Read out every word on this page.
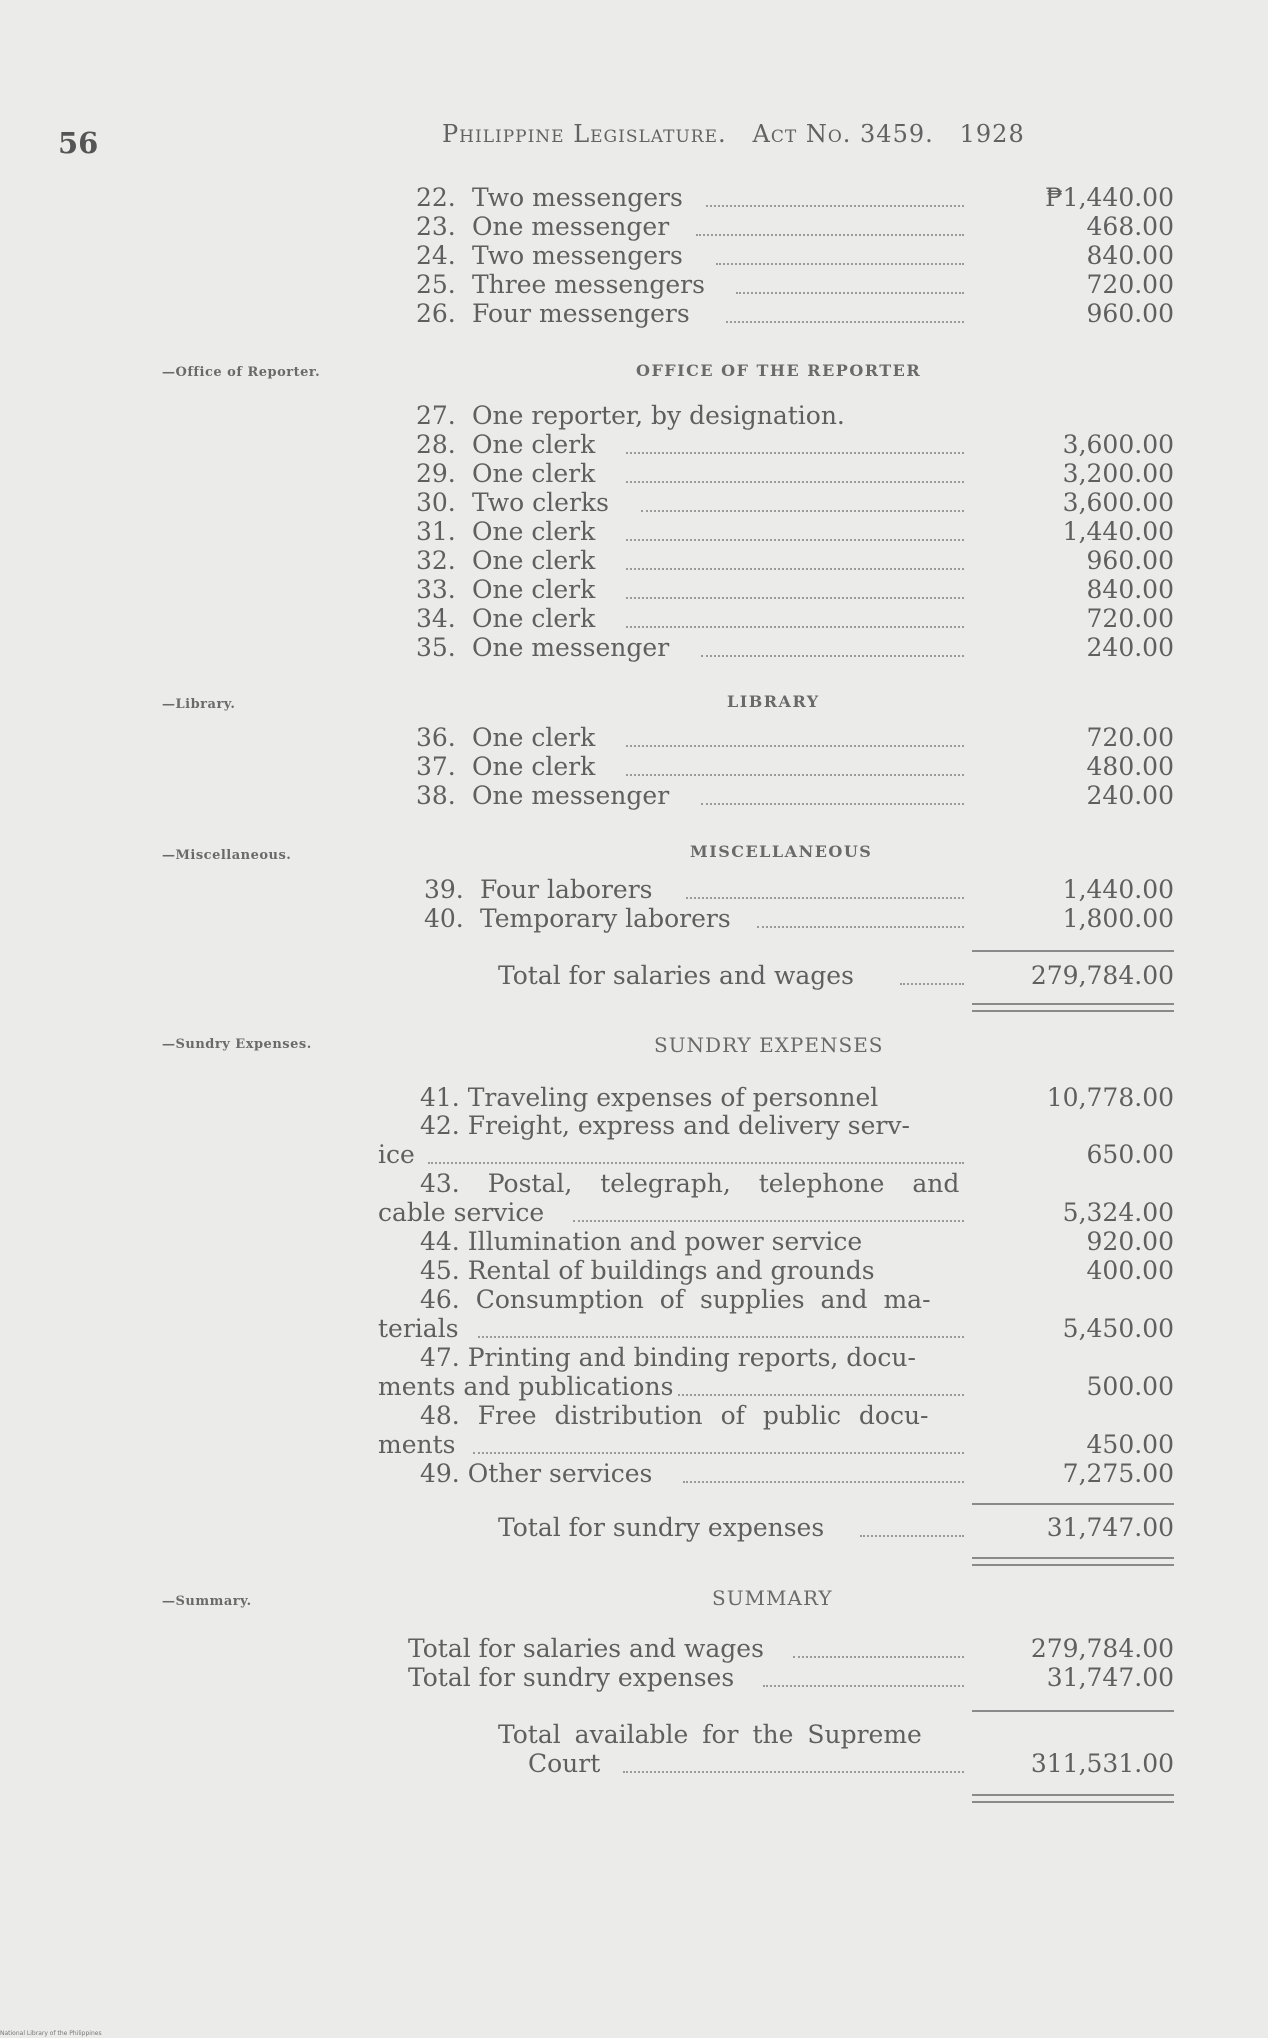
56	Philippine Legislature. Act No. 3459. 1928
22. Two messengers	₱1,440.00
23. One messenger	468.00
24. Two messengers	840.00
25. Three messengers	720.00
26. Four messengers	960.00
—Office of Reporter.	OFFICE OF THE REPORTER
27. One reporter, by designation.
28. One clerk	3,600.00
29. One clerk	3,200.00
30. Two clerks	3,600.00
31. One clerk	1,440.00
32. One clerk	960.00
33. One clerk	840.00
34. One clerk	720.00
35. One messenger	240.00
—Library.	LIBRARY
36. One clerk	720.00
37. One clerk	480.00
38. One messenger	240.00
—Miscellaneous.	MISCELLANEOUS
39. Four laborers	1,440.00
40. Temporary laborers	1,800.00
Total for salaries and wages	279,784.00
—Sundry Expenses.	SUNDRY EXPENSES
41. Traveling expenses of personnel	10,778.00
42. Freight, express and delivery serv-
ice	650.00
43. Postal, telegraph, telephone and
cable service	5,324.00
44. Illumination and power service	920.00
45. Rental of buildings and grounds	400.00
46. Consumption of supplies and ma-
terials	5,450.00
47. Printing and binding reports, docu-
ments and publications	500.00
48. Free distribution of public docu-
ments	450.00
49. Other services	7,275.00
Total for sundry expenses	31,747.00
—Summary.	SUMMARY
Total for salaries and wages	279,784.00
Total for sundry expenses	31,747.00
Total available for the Supreme
Court	311,531.00
National Library of the Philippines
